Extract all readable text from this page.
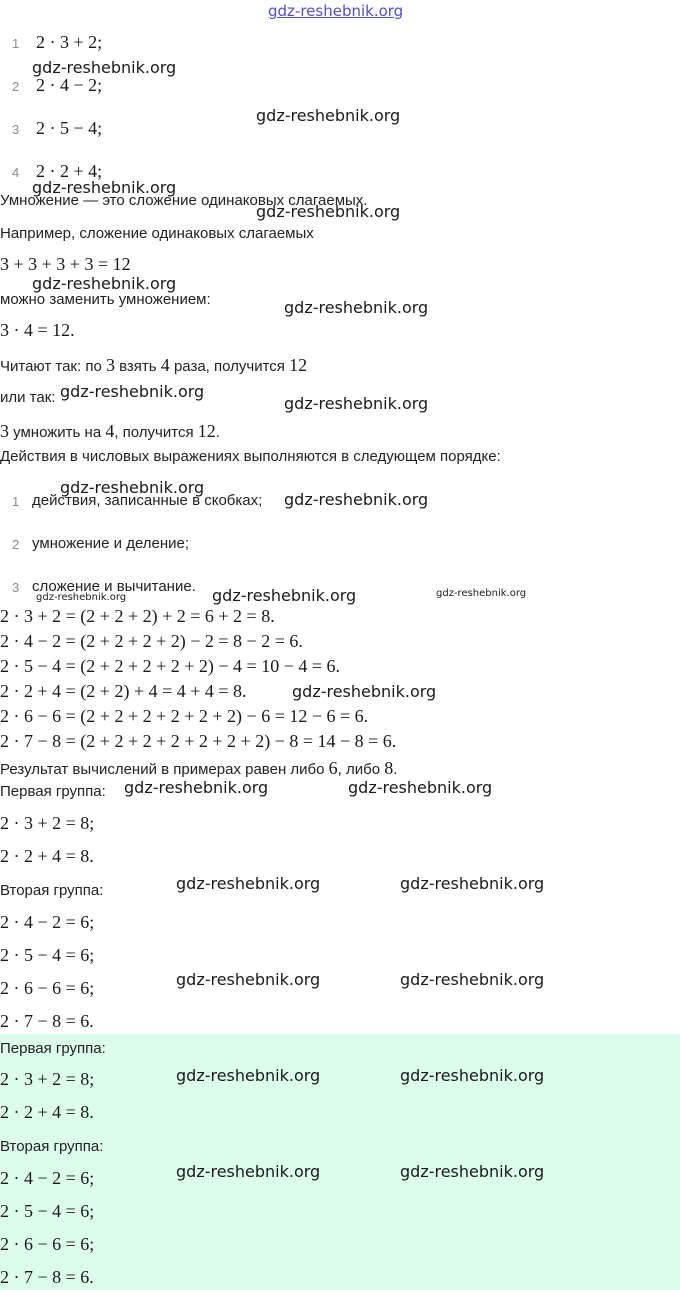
gdz-reshebnik.org
1 2 · 3 + 2;
2 2 · 4 − 2;
3 2 · 5 − 4;
4 2 · 2 + 4;
Умножение — это сложение одинаковых слагаемых.
Например, сложение одинаковых слагаемых
3 + 3 + 3 + 3 = 12
можно заменить умножением:
3 · 4 = 12.
Читают так: по 3 взять 4 раза, получится 12
или так:
3 умножить на 4, получится 12.
Действия в числовых выражениях выполняются в следующем порядке:
1 действия, записанные в скобках;
2 умножение и деление;
3 сложение и вычитание.
2 · 3 + 2 = (2 + 2 + 2) + 2 = 6 + 2 = 8.
2 · 4 − 2 = (2 + 2 + 2 + 2) − 2 = 8 − 2 = 6.
2 · 5 − 4 = (2 + 2 + 2 + 2 + 2) − 4 = 10 − 4 = 6.
2 · 2 + 4 = (2 + 2) + 4 = 4 + 4 = 8.
2 · 6 − 6 = (2 + 2 + 2 + 2 + 2 + 2) − 6 = 12 − 6 = 6.
2 · 7 − 8 = (2 + 2 + 2 + 2 + 2 + 2 + 2) − 8 = 14 − 8 = 6.
Результат вычислений в примерах равен либо 6, либо 8.
Первая группа:
2 · 3 + 2 = 8;
2 · 2 + 4 = 8.
Вторая группа:
2 · 4 − 2 = 6;
2 · 5 − 4 = 6;
2 · 6 − 6 = 6;
2 · 7 − 8 = 6.
Первая группа:
2 · 3 + 2 = 8;
2 · 2 + 4 = 8.
Вторая группа:
2 · 4 − 2 = 6;
2 · 5 − 4 = 6;
2 · 6 − 6 = 6;
2 · 7 − 8 = 6.
gdz-reshebnik.org
gdz-reshebnik.org
gdz-reshebnik.org
gdz-reshebnik.org
gdz-reshebnik.org
gdz-reshebnik.org
gdz-reshebnik.org
gdz-reshebnik.org
gdz-reshebnik.org
gdz-reshebnik.org
gdz-reshebnik.org	gdz-reshebnik.org	gdz-reshebnik.org
gdz-reshebnik.org
gdz-reshebnik.org	gdz-reshebnik.org
gdz-reshebnik.org	gdz-reshebnik.org
gdz-reshebnik.org	gdz-reshebnik.org
gdz-reshebnik.org	gdz-reshebnik.org
gdz-reshebnik.org	gdz-reshebnik.org
